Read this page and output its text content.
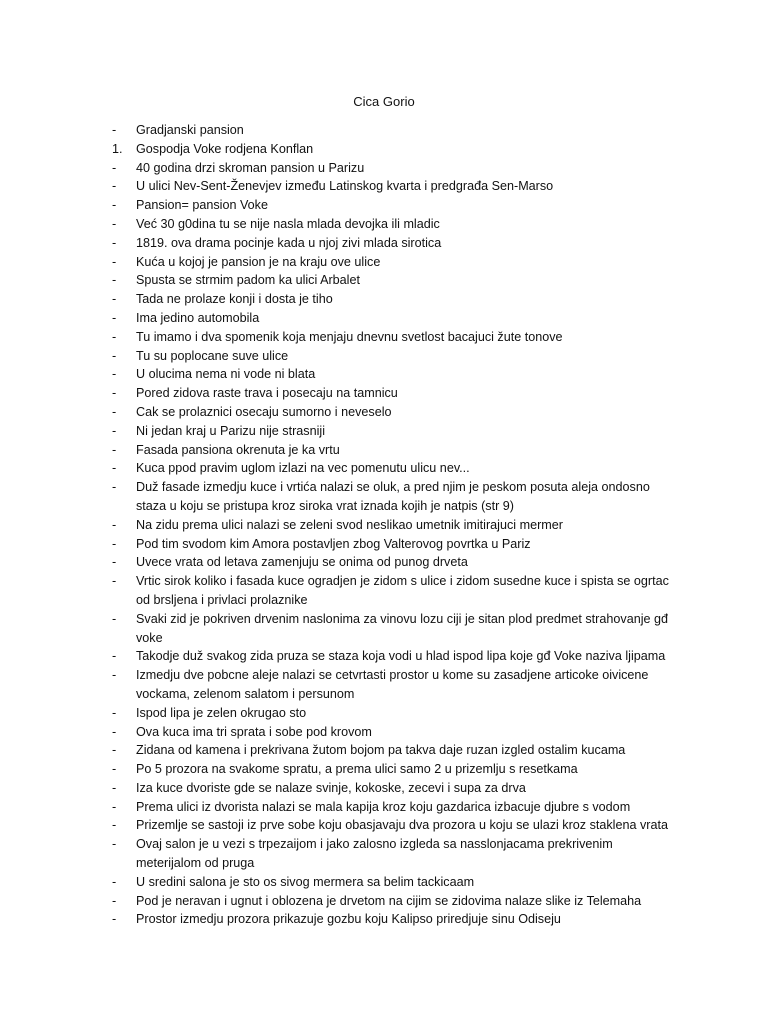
Cica Gorio
-	Gradjanski pansion
1.	Gospodja Voke rodjena Konflan
-	40 godina drzi skroman pansion u Parizu
-	U ulici Nev-Sent-Ženevjev između Latinskog kvarta i predgrađa Sen-Marso
-	Pansion= pansion Voke
-	Već 30 g0dina tu se nije nasla mlada devojka ili mladic
-	1819. ova drama pocinje kada u njoj zivi mlada sirotica
-	Kuća u kojoj je pansion je na kraju ove ulice
-	Spusta se strmim padom ka ulici Arbalet
-	Tada ne prolaze konji i dosta je tiho
-	Ima jedino automobila
-	Tu imamo i dva spomenik koja menjaju dnevnu svetlost bacajuci žute tonove
-	Tu su poplocane suve ulice
-	U olucima nema ni vode ni blata
-	Pored zidova raste trava i posecaju na tamnicu
-	Cak se prolaznici osecaju sumorno i neveselo
-	Ni jedan kraj u Parizu nije strasniji
-	Fasada pansiona okrenuta je ka vrtu
-	Kuca ppod pravim uglom izlazi na vec pomenutu ulicu nev...
-	Duž fasade izmedju kuce i vrtića nalazi se oluk, a pred njim je peskom posuta aleja ondosno staza u koju se pristupa kroz siroka vrat iznada kojih je natpis (str 9)
-	Na zidu prema ulici nalazi se zeleni svod neslikao umetnik imitirajuci mermer
-	Pod tim svodom kim Amora postavljen zbog Valterovog povrtka u Pariz
-	Uvece vrata od letava zamenjuju se onima od punog drveta
-	Vrtic sirok koliko i fasada kuce ogradjen je zidom s ulice i zidom susedne kuce i spista se ogrtac od brsljena i privlaci prolaznike
-	Svaki zid je pokriven drvenim naslonima za vinovu lozu ciji je sitan plod predmet strahovanje gđ voke
-	Takodje duž svakog zida pruza se staza koja vodi u hlad ispod lipa koje gđ Voke naziva ljipama
-	Izmedju dve pobcne aleje nalazi se cetvrtasti prostor u kome su zasadjene articoke oivicene vockama, zelenom salatom i persunom
-	Ispod lipa je zelen okrugao sto
-	Ova kuca ima tri sprata i sobe pod krovom
-	Zidana od kamena i prekrivana žutom bojom pa takva daje ruzan izgled ostalim kucama
-	Po 5 prozora na svakome spratu, a prema ulici samo 2 u prizemlju s resetkama
-	Iza kuce dvoriste gde se nalaze svinje, kokoske, zecevi i supa za drva
-	Prema ulici iz dvorista nalazi se mala kapija kroz koju gazdarica izbacuje djubre s vodom
-	Prizemlje se sastoji iz prve sobe koju obasjavaju dva prozora u koju se ulazi kroz staklena vrata
-	Ovaj salon je u vezi s trpezaijom i jako zalosno izgleda sa nasslonjacama prekrivenim meterijalom od pruga
-	U sredini salona je sto os sivog mermera sa belim tackicaam
-	Pod je neravan i ugnut i oblozena je drvetom na cijim se zidovima nalaze slike iz Telemaha
-	Prostor izmedju prozora prikazuje gozbu koju Kalipso priredjuje sinu Odiseju
